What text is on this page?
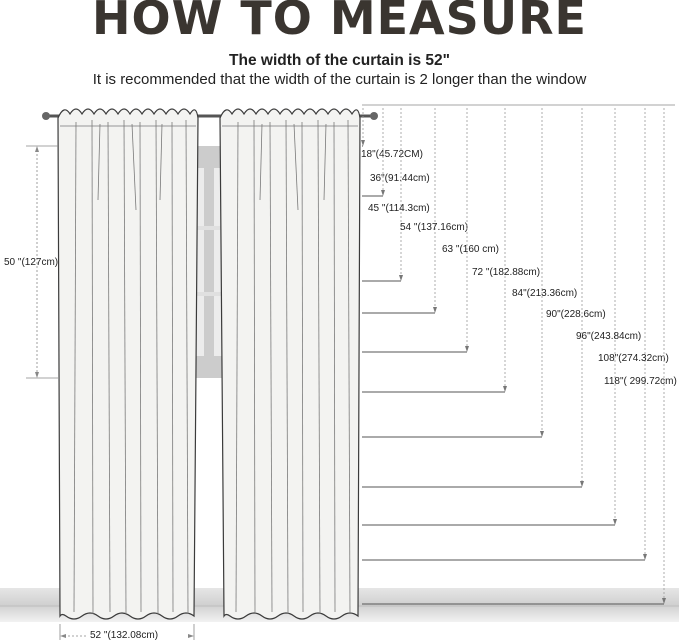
HOW TO MEASURE
The width of the curtain is 52"
It is recommended that the width of the curtain is 2 longer than the window
50 "(127cm)
52 "(132.08cm)
18"(45.72CM)
36"(91.44cm)
45 "(114.3cm)
54 "(137.16cm)
63 "(160 cm)
72 "(182.88cm)
84"(213.36cm)
90"(228.6cm)
96"(243.84cm)
108"(274.32cm)
118"( 299.72cm)
